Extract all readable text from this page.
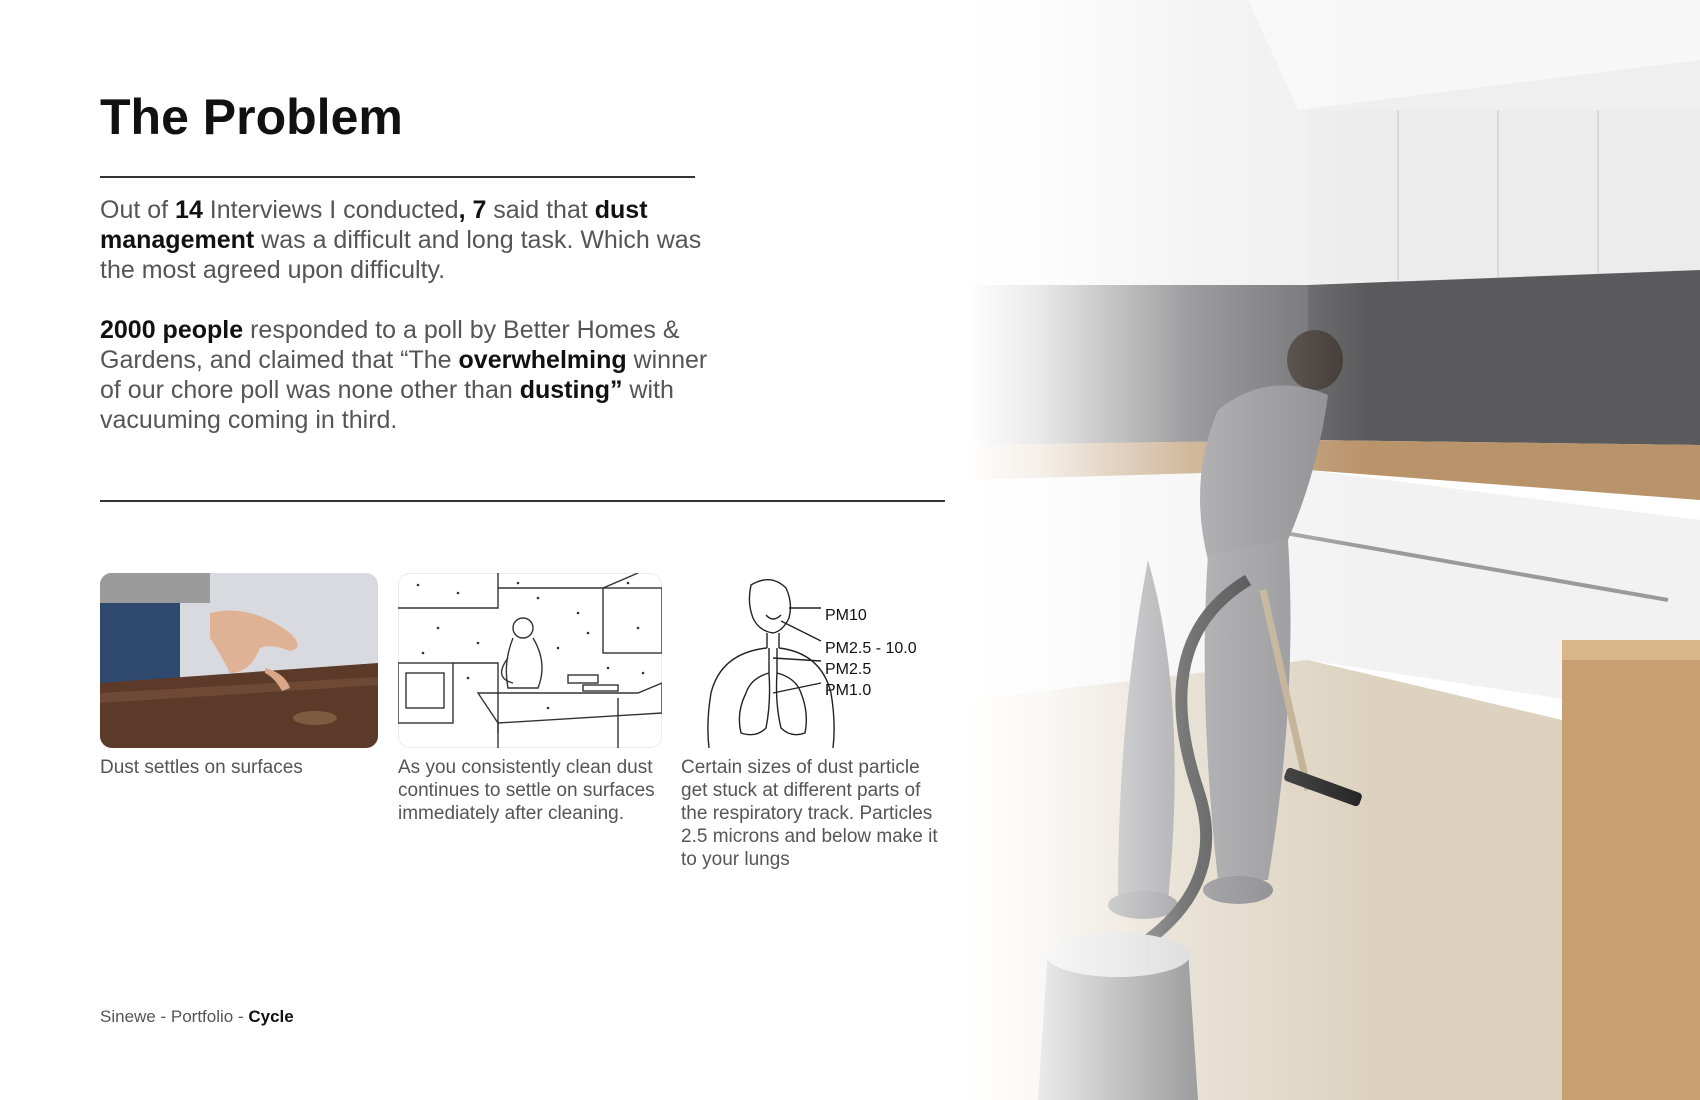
The Problem

Out of 14 Interviews I conducted, 7 said that dust management was a difficult and long task. Which was the most agreed upon difficulty.

2000 people responded to a poll by Better Homes & Gardens, and claimed that “The overwhelming winner of our chore poll was none other than dusting” with vacuuming coming in third.

Dust settles on surfaces	As you consistently clean dust continues to settle on surfaces immediately after cleaning.

PM10
PM2.5 - 10.0
PM2.5
PM1.0

Certain sizes of dust particle get stuck at different parts of the respiratory track. Particles 2.5 microns and below make it to your lungs

Sinewe - Portfolio - Cycle
